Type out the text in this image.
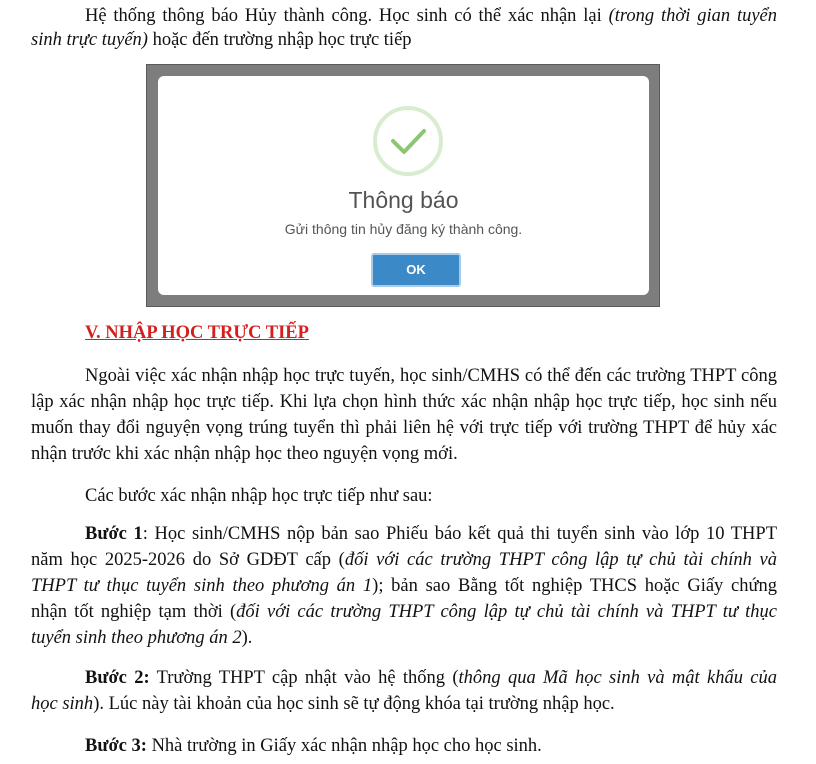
Hệ thống thông báo Hủy thành công. Học sinh có thể xác nhận lại (trong thời gian tuyển
sinh trực tuyến) hoặc đến trường nhập học trực tiếp
Thông báo
Gửi thông tin hủy đăng ký thành công.
OK
V. NHẬP HỌC TRỰC TIẾP
Ngoài việc xác nhận nhập học trực tuyến, học sinh/CMHS có thể đến các trường THPT công
lập xác nhận nhập học trực tiếp. Khi lựa chọn hình thức xác nhận nhập học trực tiếp, học sinh nếu
muốn thay đổi nguyện vọng trúng tuyển thì phải liên hệ với trực tiếp với trường THPT để hủy xác
nhận trước khi xác nhận nhập học theo nguyện vọng mới.
Các bước xác nhận nhập học trực tiếp như sau:
Bước 1: Học sinh/CMHS nộp bản sao Phiếu báo kết quả thi tuyển sinh vào lớp 10 THPT
năm học 2025-2026 do Sở GDĐT cấp (đối với các trường THPT công lập tự chủ tài chính và
THPT tư thục tuyển sinh theo phương án 1); bản sao Bằng tốt nghiệp THCS hoặc Giấy chứng
nhận tốt nghiệp tạm thời (đối với các trường THPT công lập tự chủ tài chính và THPT tư thục
tuyển sinh theo phương án 2).
Bước 2: Trường THPT cập nhật vào hệ thống (thông qua Mã học sinh và mật khẩu của
học sinh). Lúc này tài khoản của học sinh sẽ tự động khóa tại trường nhập học.
Bước 3: Nhà trường in Giấy xác nhận nhập học cho học sinh.
